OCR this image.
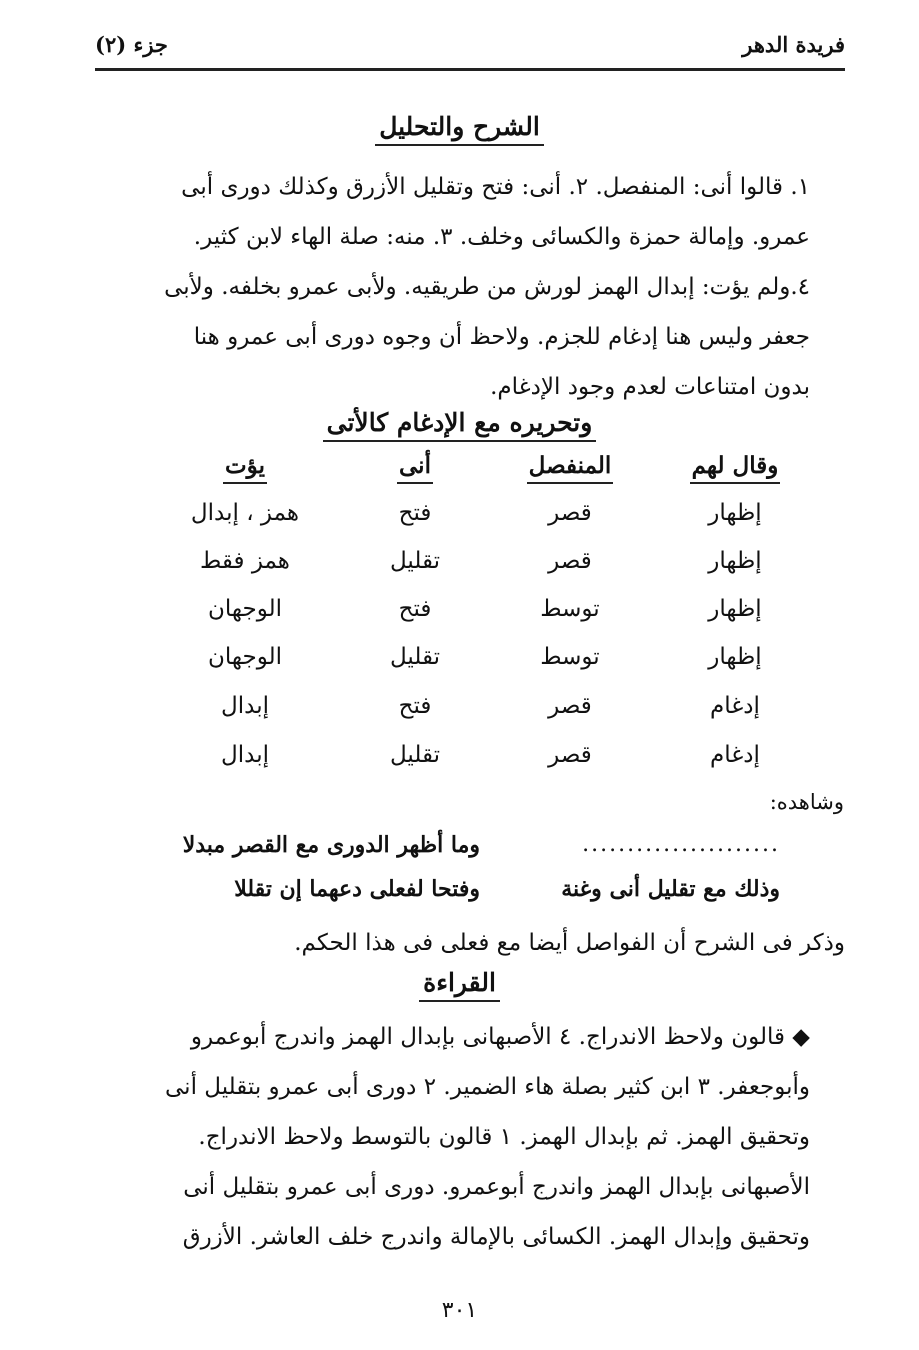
فريدة الدهر
جزء (٢)
الشرح والتحليل
١. قالوا أنى: المنفصل. ٢. أنى: فتح وتقليل الأزرق وكذلك دورى أبى
عمرو. وإمالة حمزة والكسائى وخلف. ٣. منه: صلة الهاء لابن كثير.
٤.ولم يؤت: إبدال الهمز لورش من طريقيه. ولأبى عمرو بخلفه. ولأبى
جعفر وليس هنا إدغام للجزم. ولاحظ أن وجوه دورى أبى عمرو هنا
بدون امتناعات لعدم وجود الإدغام.
وتحريره مع الإدغام كالأتى
وقال لهم
المنفصل
أنى
يؤت
إظهار
قصر
فتح
همز ، إبدال
إظهار
قصر
تقليل
همز فقط
إظهار
توسط
فتح
الوجهان
إظهار
توسط
تقليل
الوجهان
إدغام
قصر
فتح
إبدال
إدغام
قصر
تقليل
إبدال
وشاهده:
......................
وما أظهر الدورى مع القصر مبدلا
وذلك مع تقليل أنى وغنة
وفتحا لفعلى دعهما إن تقللا
وذكر فى الشرح أن الفواصل أيضا مع فعلى فى هذا الحكم.
القراءة
◆ قالون ولاحظ الاندراج. ٤ الأصبهانى بإبدال الهمز واندرج أبوعمرو
وأبوجعفر. ٣ ابن كثير بصلة هاء الضمير. ٢ دورى أبى عمرو بتقليل أنى
وتحقيق الهمز. ثم بإبدال الهمز. ١ قالون بالتوسط ولاحظ الاندراج.
الأصبهانى بإبدال الهمز واندرج أبوعمرو. دورى أبى عمرو بتقليل أنى
وتحقيق وإبدال الهمز. الكسائى بالإمالة واندرج خلف العاشر. الأزرق
٣٠١
